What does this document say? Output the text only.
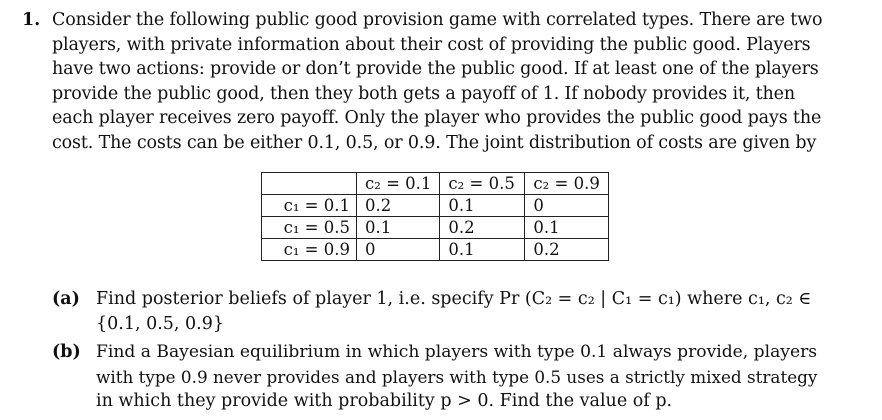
1. Consider the following public good provision game with correlated types. There are two
players, with private information about their cost of providing the public good. Players
have two actions: provide or don’t provide the public good. If at least one of the players
provide the public good, then they both gets a payoff of 1. If nobody provides it, then
each player receives zero payoff. Only the player who provides the public good pays the
cost. The costs can be either 0.1, 0.5, or 0.9. The joint distribution of costs are given by
	c₂ = 0.1	c₂ = 0.5	c₂ = 0.9
c₁ = 0.1	0.2	0.1	0
c₁ = 0.5	0.1	0.2	0.1
c₁ = 0.9	0	0.1	0.2
(a) Find posterior beliefs of player 1, i.e. specify Pr (C₂ = c₂ | C₁ = c₁) where c₁, c₂ ∈
{0.1, 0.5, 0.9}
(b) Find a Bayesian equilibrium in which players with type 0.1 always provide, players
with type 0.9 never provides and players with type 0.5 uses a strictly mixed strategy
in which they provide with probability p > 0. Find the value of p.
